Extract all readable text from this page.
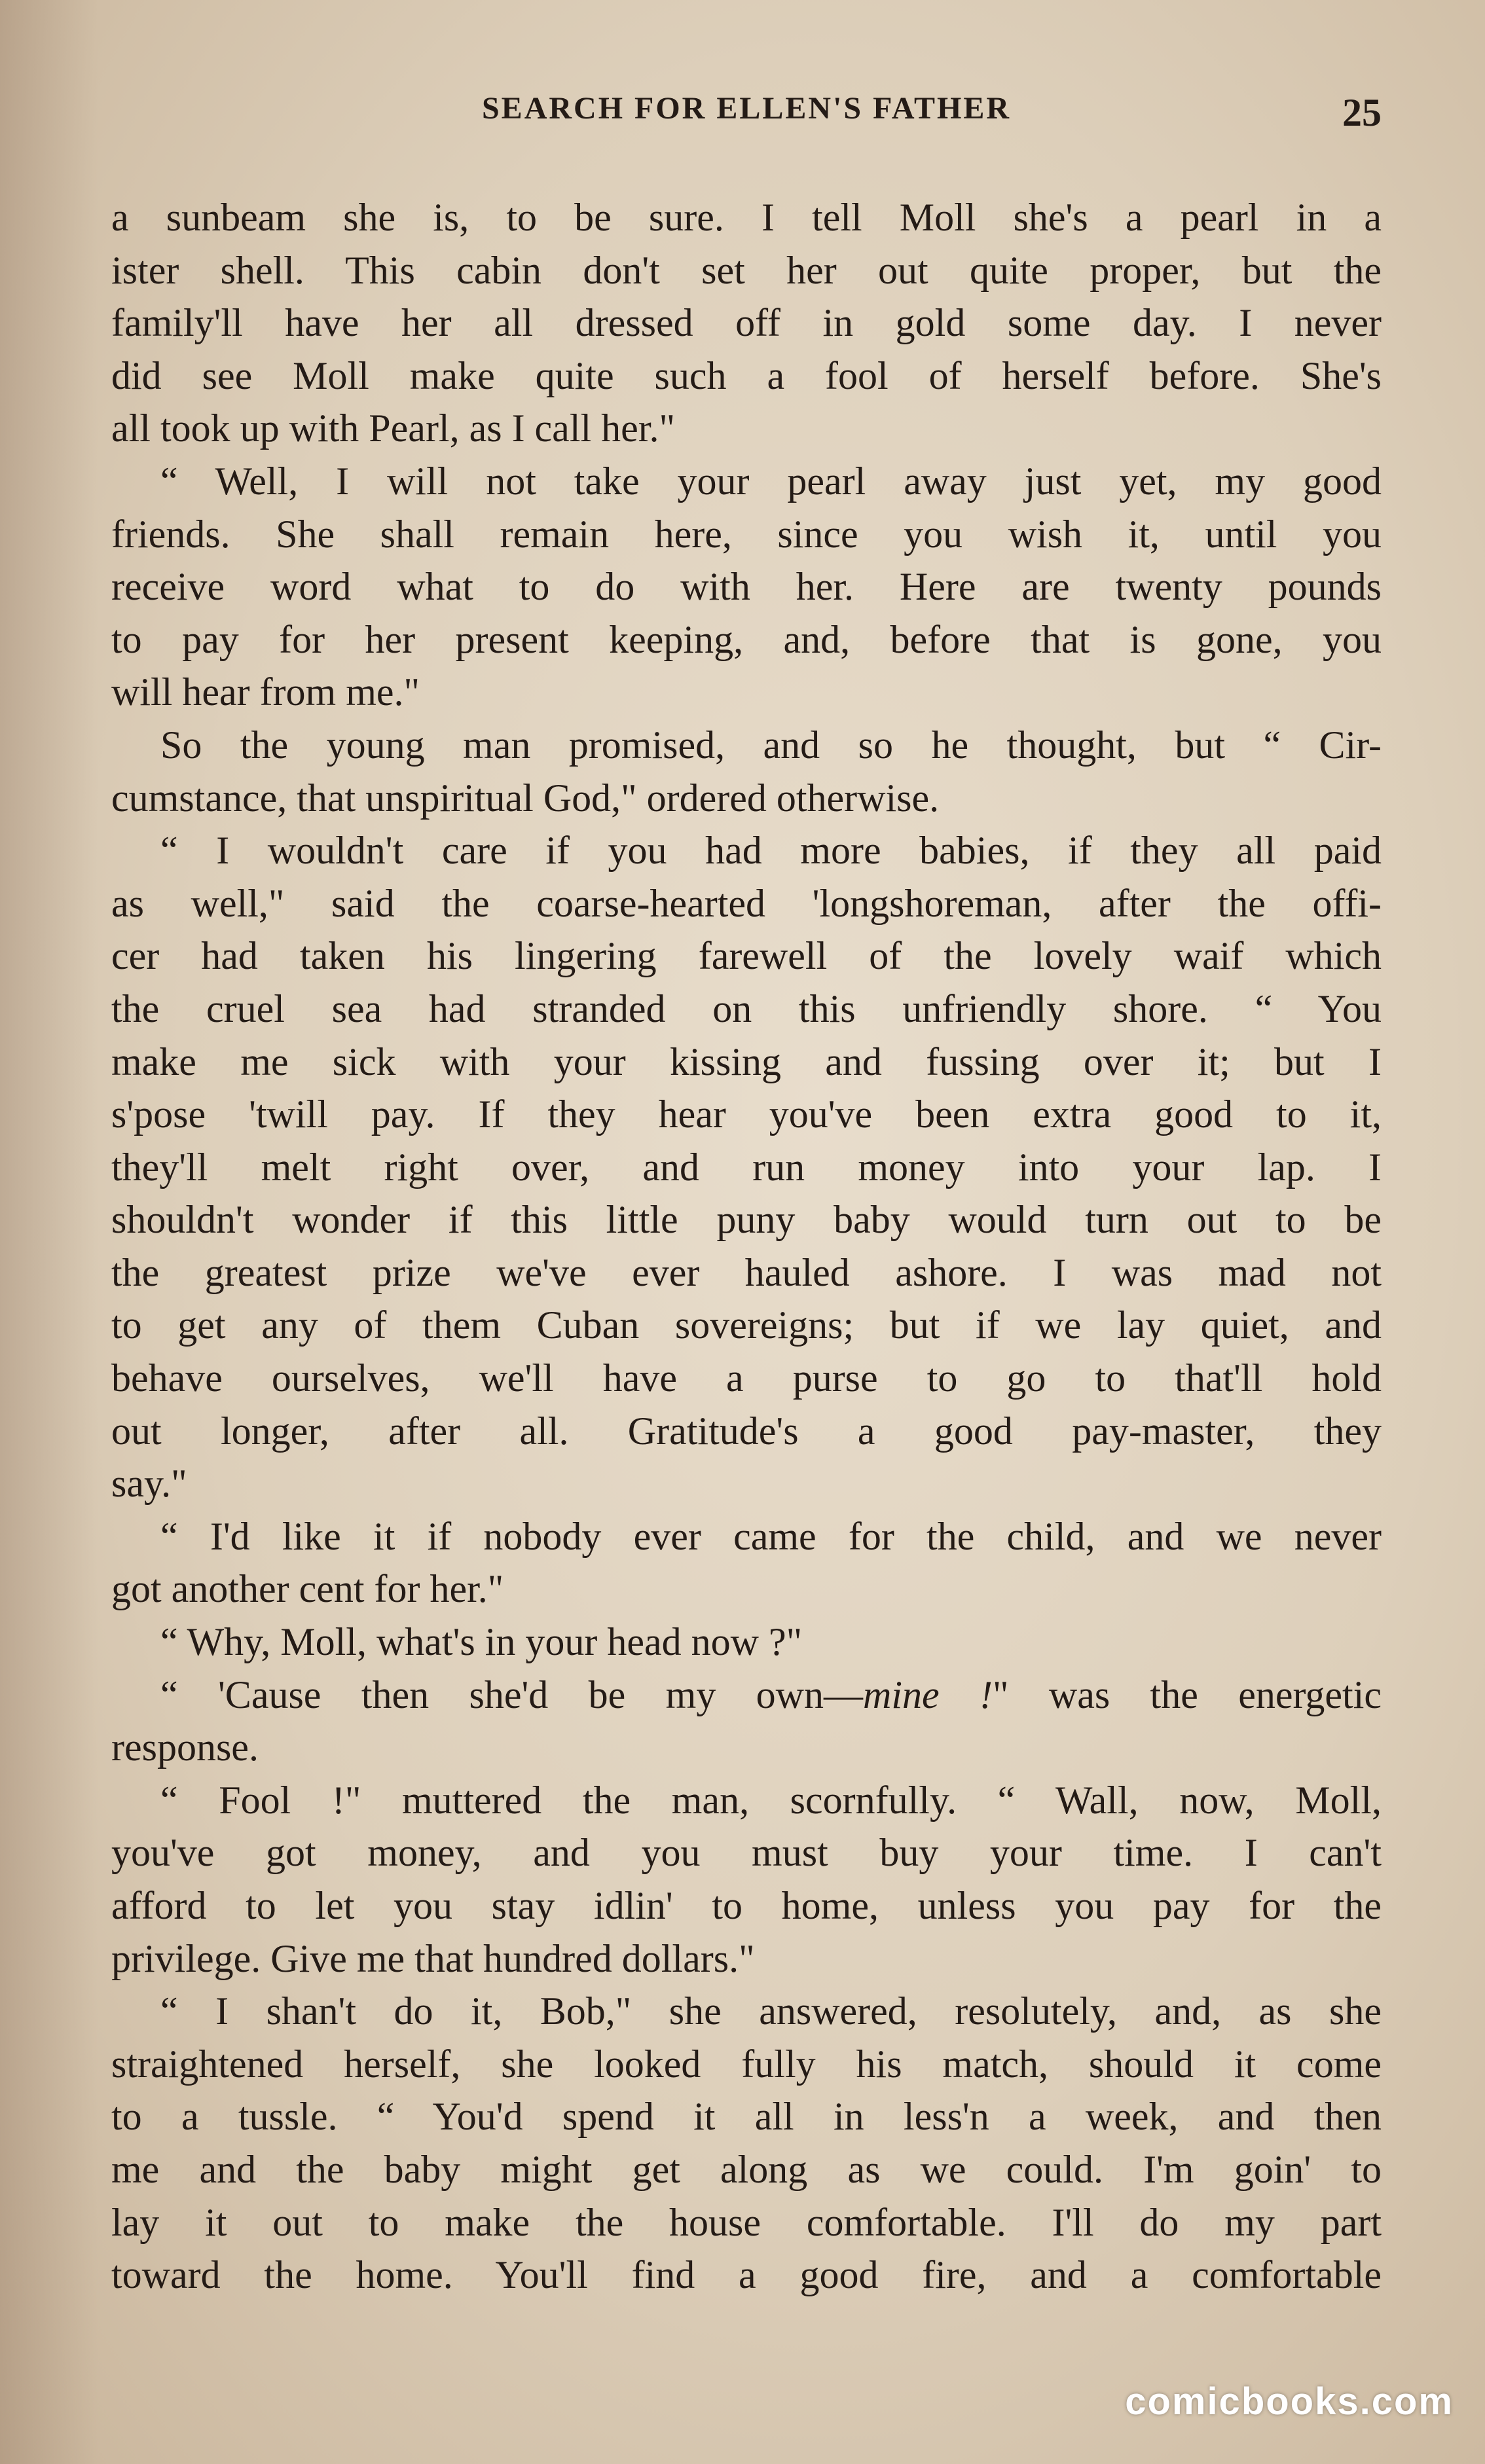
SEARCH FOR ELLEN'S FATHER	25
a sunbeam she is, to be sure. I tell Moll she's a pearl in a
ister shell. This cabin don't set her out quite proper, but the
family'll have her all dressed off in gold some day. I never
did see Moll make quite such a fool of herself before. She's
all took up with Pearl, as I call her."
“ Well, I will not take your pearl away just yet, my good
friends. She shall remain here, since you wish it, until you
receive word what to do with her. Here are twenty pounds
to pay for her present keeping, and, before that is gone, you
will hear from me."
So the young man promised, and so he thought, but “ Cir-
cumstance, that unspiritual God," ordered otherwise.
“ I wouldn't care if you had more babies, if they all paid
as well," said the coarse-hearted 'longshoreman, after the offi-
cer had taken his lingering farewell of the lovely waif which
the cruel sea had stranded on this unfriendly shore. “ You
make me sick with your kissing and fussing over it; but I
s'pose 'twill pay. If they hear you've been extra good to it,
they'll melt right over, and run money into your lap. I
shouldn't wonder if this little puny baby would turn out to be
the greatest prize we've ever hauled ashore. I was mad not
to get any of them Cuban sovereigns; but if we lay quiet, and
behave ourselves, we'll have a purse to go to that'll hold
out longer, after all. Gratitude's a good pay-master, they
say."
“ I'd like it if nobody ever came for the child, and we never
got another cent for her."
“ Why, Moll, what's in your head now ?"
“ 'Cause then she'd be my own—mine !" was the energetic
response.
“ Fool !" muttered the man, scornfully. “ Wall, now, Moll,
you've got money, and you must buy your time. I can't
afford to let you stay idlin' to home, unless you pay for the
privilege. Give me that hundred dollars."
“ I shan't do it, Bob," she answered, resolutely, and, as she
straightened herself, she looked fully his match, should it come
to a tussle. “ You'd spend it all in less'n a week, and then
me and the baby might get along as we could. I'm goin' to
lay it out to make the house comfortable. I'll do my part
toward the home. You'll find a good fire, and a comfortable
comicbooks.com
